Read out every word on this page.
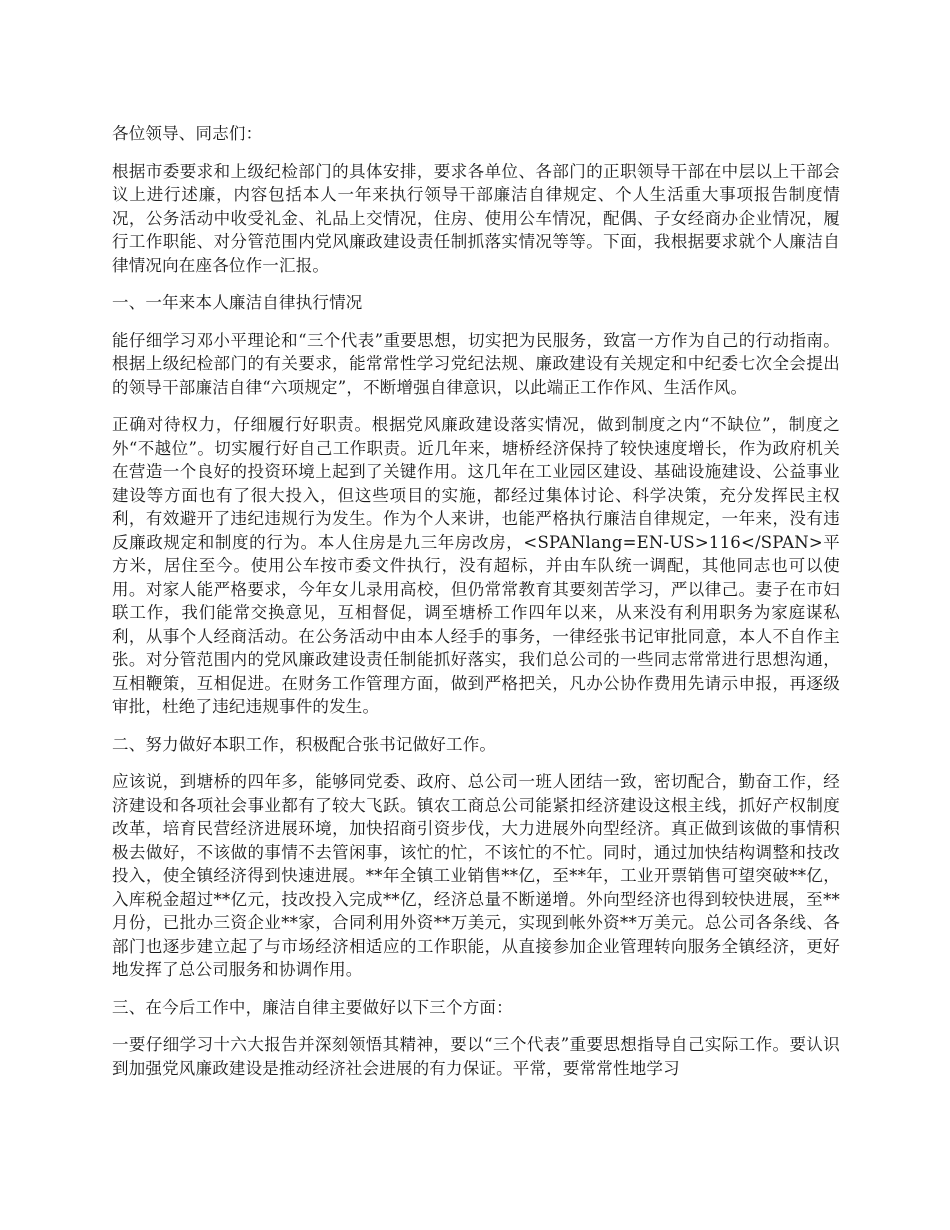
各位领导、同志们：

根据市委要求和上级纪检部门的具体安排，要求各单位、各部门的正职领导干部在中层以上干部会议上进行述廉，内容包括本人一年来执行领导干部廉洁自律规定、个人生活重大事项报告制度情况，公务活动中收受礼金、礼品上交情况，住房、使用公车情况，配偶、子女经商办企业情况，履行工作职能、对分管范围内党风廉政建设责任制抓落实情况等等。下面，我根据要求就个人廉洁自律情况向在座各位作一汇报。

一、一年来本人廉洁自律执行情况

能仔细学习邓小平理论和“三个代表”重要思想，切实把为民服务，致富一方作为自己的行动指南。根据上级纪检部门的有关要求，能常常性学习党纪法规、廉政建设有关规定和中纪委七次全会提出的领导干部廉洁自律“六项规定”，不断增强自律意识，以此端正工作作风、生活作风。

正确对待权力，仔细履行好职责。根据党风廉政建设落实情况，做到制度之内“不缺位”，制度之外“不越位”。切实履行好自己工作职责。近几年来，塘桥经济保持了较快速度增长，作为政府机关在营造一个良好的投资环境上起到了关键作用。这几年在工业园区建设、基础设施建设、公益事业建设等方面也有了很大投入，但这些项目的实施，都经过集体讨论、科学决策，充分发挥民主权利，有效避开了违纪违规行为发生。作为个人来讲，也能严格执行廉洁自律规定，一年来，没有违反廉政规定和制度的行为。本人住房是九三年房改房，<SPANlang=EN-US>116</SPAN>平方米，居住至今。使用公车按市委文件执行，没有超标，并由车队统一调配，其他同志也可以使用。对家人能严格要求，今年女儿录用高校，但仍常常教育其要刻苦学习，严以律己。妻子在市妇联工作，我们能常交换意见，互相督促，调至塘桥工作四年以来，从来没有利用职务为家庭谋私利，从事个人经商活动。在公务活动中由本人经手的事务，一律经张书记审批同意，本人不自作主张。对分管范围内的党风廉政建设责任制能抓好落实，我们总公司的一些同志常常进行思想沟通，互相鞭策，互相促进。在财务工作管理方面，做到严格把关，凡办公协作费用先请示申报，再逐级审批，杜绝了违纪违规事件的发生。

二、努力做好本职工作，积极配合张书记做好工作。

应该说，到塘桥的四年多，能够同党委、政府、总公司一班人团结一致，密切配合，勤奋工作，经济建设和各项社会事业都有了较大飞跃。镇农工商总公司能紧扣经济建设这根主线，抓好产权制度改革，培育民营经济进展环境，加快招商引资步伐，大力进展外向型经济。真正做到该做的事情积极去做好，不该做的事情不去管闲事，该忙的忙，不该忙的不忙。同时，通过加快结构调整和技改投入，使全镇经济得到快速进展。**年全镇工业销售**亿，至**年，工业开票销售可望突破**亿，入库税金超过**亿元，技改投入完成**亿，经济总量不断递增。外向型经济也得到较快进展，至**月份，已批办三资企业**家，合同利用外资**万美元，实现到帐外资**万美元。总公司各条线、各部门也逐步建立起了与市场经济相适应的工作职能，从直接参加企业管理转向服务全镇经济，更好地发挥了总公司服务和协调作用。

三、在今后工作中，廉洁自律主要做好以下三个方面：

一要仔细学习十六大报告并深刻领悟其精神，要以“三个代表”重要思想指导自己实际工作。要认识到加强党风廉政建设是推动经济社会进展的有力保证。平常，要常常性地学习
